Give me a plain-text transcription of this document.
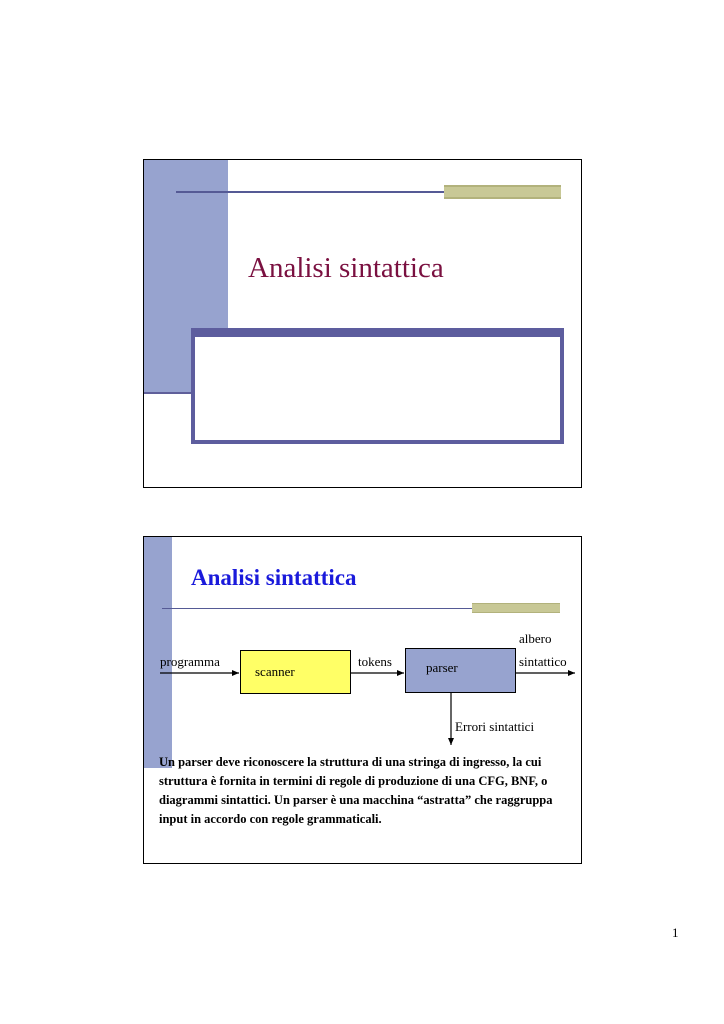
Analisi sintattica
Analisi sintattica
programma
scanner
tokens	parser
albero
sintattico
Errori sintattici
Un parser deve riconoscere la struttura di una stringa di ingresso, la cui struttura è fornita in termini di regole di produzione di una CFG, BNF, o diagrammi sintattici. Un parser è una macchina “astratta” che raggruppa input in accordo con regole grammaticali.
1
